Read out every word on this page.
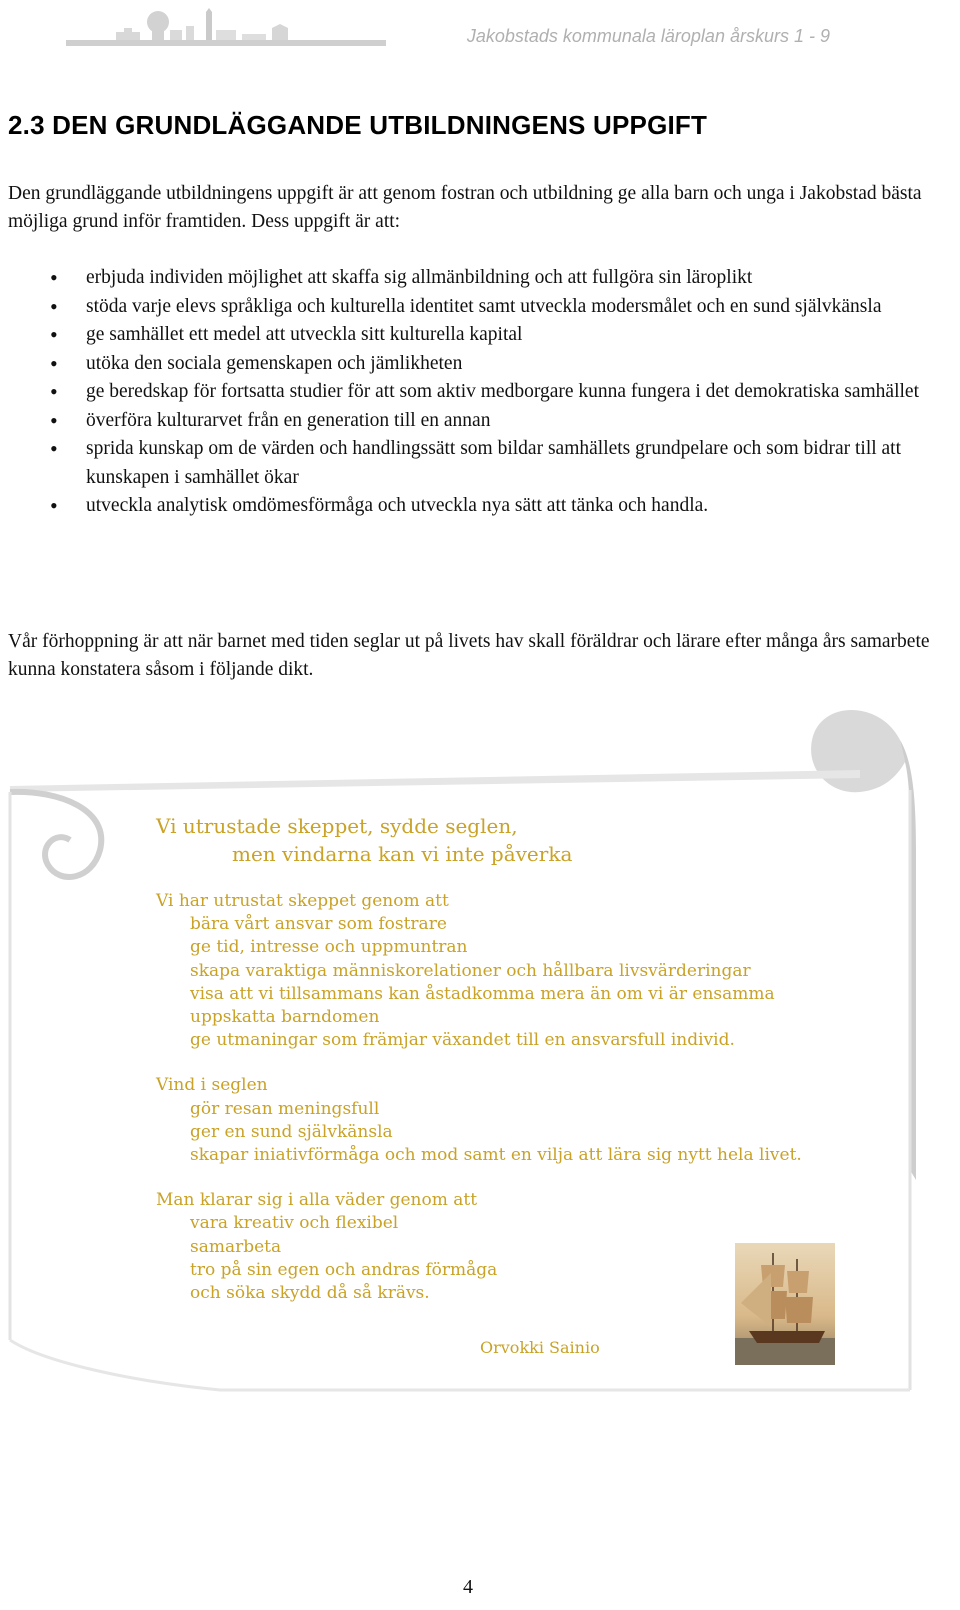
Jakobstads kommunala läroplan årskurs 1 - 9
2.3 DEN GRUNDLÄGGANDE UTBILDNINGENS UPPGIFT
Den grundläggande utbildningens uppgift är att genom fostran och utbildning ge alla barn och unga i Jakobstad bästa möjliga grund inför framtiden. Dess uppgift är att:
• erbjuda individen möjlighet att skaffa sig allmänbildning och att fullgöra sin läroplikt
• stöda varje elevs språkliga och kulturella identitet samt utveckla modersmålet och en sund självkänsla
• ge samhället ett medel att utveckla sitt kulturella kapital
• utöka den sociala gemenskapen och jämlikheten
• ge beredskap för fortsatta studier för att som aktiv medborgare kunna fungera i det demokratiska samhället
• överföra kulturarvet från en generation till en annan
• sprida kunskap om de värden och handlingssätt som bildar samhällets grundpelare och som bidrar till att kunskapen i samhället ökar
• utveckla analytisk omdömesförmåga och utveckla nya sätt att tänka och handla.
Vår förhoppning är att när barnet med tiden seglar ut på livets hav skall föräldrar och lärare efter många års samarbete kunna konstatera såsom i följande dikt.
Vi utrustade skeppet, sydde seglen,
men vindarna kan vi inte påverka
Vi har utrustat skeppet genom att
bära vårt ansvar som fostrare
ge tid, intresse och uppmuntran
skapa varaktiga människorelationer och hållbara livsvärderingar
visa att vi tillsammans kan åstadkomma mera än om vi är ensamma
uppskatta barndomen
ge utmaningar som främjar växandet till en ansvarsfull individ.
Vind i seglen
gör resan meningsfull
ger en sund självkänsla
skapar iniativförmåga och mod samt en vilja att lära sig nytt hela livet.
Man klarar sig i alla väder genom att
vara kreativ och flexibel
samarbeta
tro på sin egen och andras förmåga
och söka skydd då så krävs.
Orvokki Sainio
4
